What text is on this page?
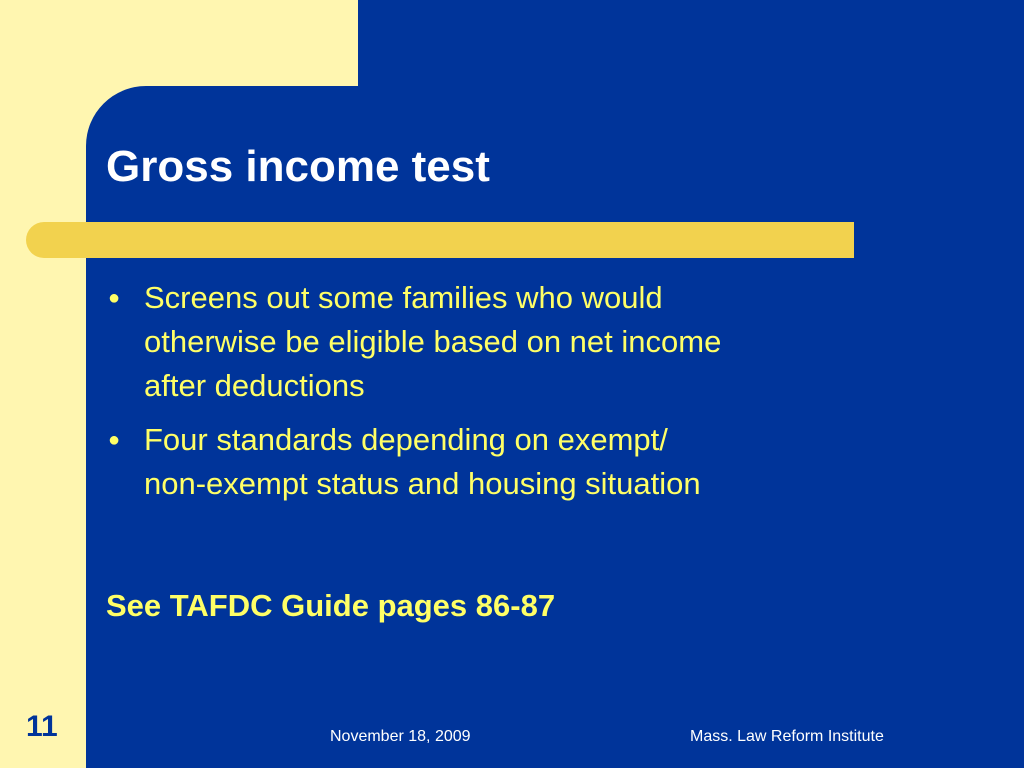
Gross income test
● Screens out some families who would
otherwise be eligible based on net income
after deductions
● Four standards depending on exempt/
non-exempt status and housing situation
See TAFDC Guide pages 86-87
11	November 18, 2009	Mass. Law Reform Institute
